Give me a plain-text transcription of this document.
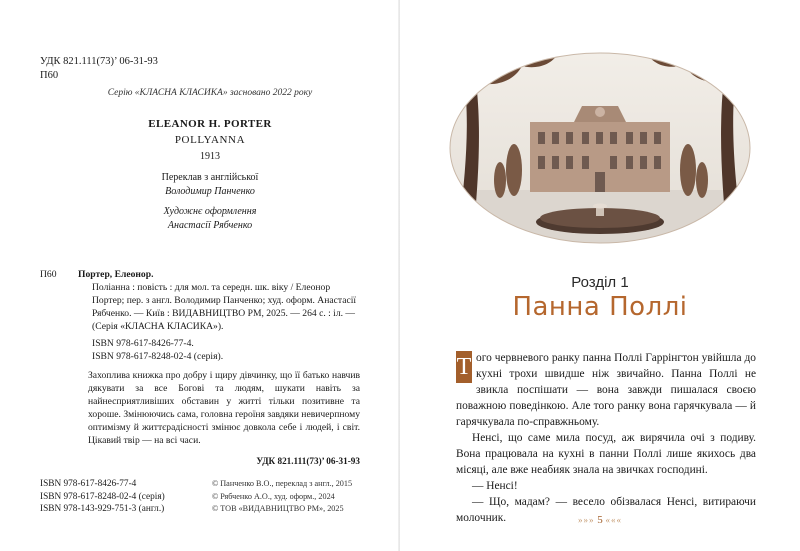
УДК 821.111(73)’ 06-31-93
П60
Серію «КЛАСНА КЛАСИКА» засновано 2022 року
ELEANOR H. PORTER
POLLYANNA
1913
Переклав з англійської
Володимир Панченко
Художнє оформлення
Анастасії Рябченко
П60	Портер, Елеонор.
Поліанна : повість : для мол. та середн. шк. віку / Елеонор Портер; пер. з англ. Володимир Панченко; худ. оформ. Анастасії Рябченко. — Київ : ВИДАВНИЦТВО РМ, 2025. — 264 с. : іл. — (Серія «КЛАСНА КЛАСИКА»).
ISBN 978-617-8426-77-4.
ISBN 978-617-8248-02-4 (серія).
Захоплива книжка про добру і щиру дівчинку, що її батько навчив дякувати за все Богові та людям, шукати навіть за найнесприятливіших обставин у житті тільки позитивне та хороше. Змінюючись сама, головна героїня завдяки невичерпному оптимізму й життєрадісності змінює довкола себе і людей, і світ. Цікавий твір — на всі часи.
УДК 821.111(73)’ 06-31-93
ISBN 978-617-8426-77-4
ISBN 978-617-8248-02-4 (серія)
ISBN 978-143-929-751-3 (англ.)
© Панченко В.О., переклад з англ., 2015
© Рябченко А.О., худ. оформ., 2024
© ТОВ «ВИДАВНИЦТВО РМ», 2025
Розділ 1
Панна Поллі

Т ого червневого ранку панна Поллі Гаррінгтон увійшла до кухні трохи швидше ніж звичайно. Панна Поллі не звикла поспішати — вона завжди пишалася своєю поважною поведінкою. Але того ранку вона гарячкувала — й гарячкувала по-справжньому.

Ненсі, що саме мила посуд, аж вирячила очі з подиву. Вона працювала на кухні в панни Поллі лише якихось два місяці, але вже неабияк знала на звичках господині.

— Ненсі!

— Що, мадам? — весело обізвалася Ненсі, витираючи молочник.	»»» 5 «««
